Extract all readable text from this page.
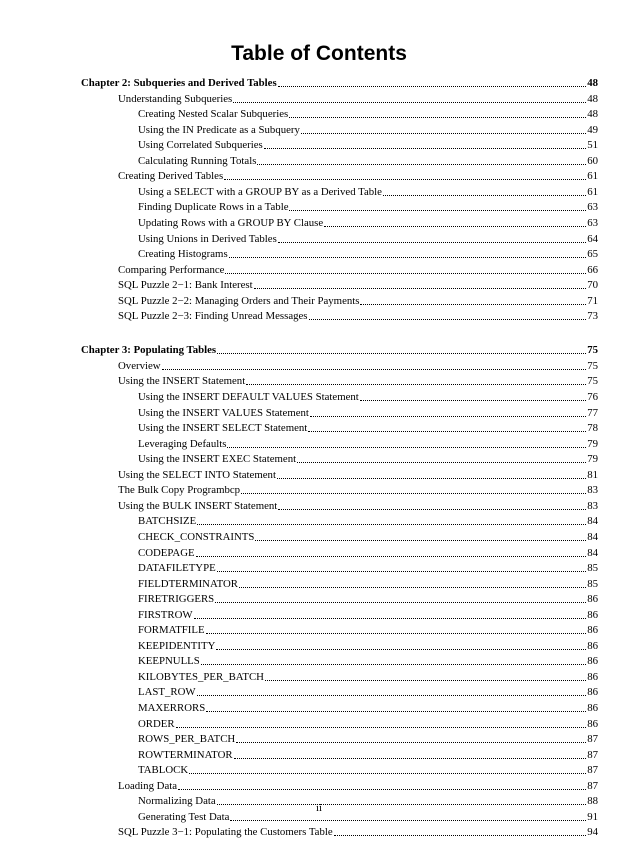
Table of Contents
Chapter 2: Subqueries and Derived Tables	48
Understanding Subqueries	48
Creating Nested Scalar Subqueries	48
Using the IN Predicate as a Subquery	49
Using Correlated Subqueries	51
Calculating Running Totals	60
Creating Derived Tables	61
Using a SELECT with a GROUP BY as a Derived Table	61
Finding Duplicate Rows in a Table	63
Updating Rows with a GROUP BY Clause	63
Using Unions in Derived Tables	64
Creating Histograms	65
Comparing Performance	66
SQL Puzzle 2−1: Bank Interest	70
SQL Puzzle 2−2: Managing Orders and Their Payments	71
SQL Puzzle 2−3: Finding Unread Messages	73
Chapter 3: Populating Tables	75
Overview	75
Using the INSERT Statement	75
Using the INSERT DEFAULT VALUES Statement	76
Using the INSERT VALUES Statement	77
Using the INSERT SELECT Statement	78
Leveraging Defaults	79
Using the INSERT EXEC Statement	79
Using the SELECT INTO Statement	81
The Bulk Copy Programbcp	83
Using the BULK INSERT Statement	83
BATCHSIZE	84
CHECK_CONSTRAINTS	84
CODEPAGE	84
DATAFILETYPE	85
FIELDTERMINATOR	85
FIRETRIGGERS	86
FIRSTROW	86
FORMATFILE	86
KEEPIDENTITY	86
KEEPNULLS	86
KILOBYTES_PER_BATCH	86
LAST_ROW	86
MAXERRORS	86
ORDER	86
ROWS_PER_BATCH	87
ROWTERMINATOR	87
TABLOCK	87
Loading Data	87
Normalizing Data	88
Generating Test Data	91
SQL Puzzle 3−1: Populating the Customers Table	94
ii
